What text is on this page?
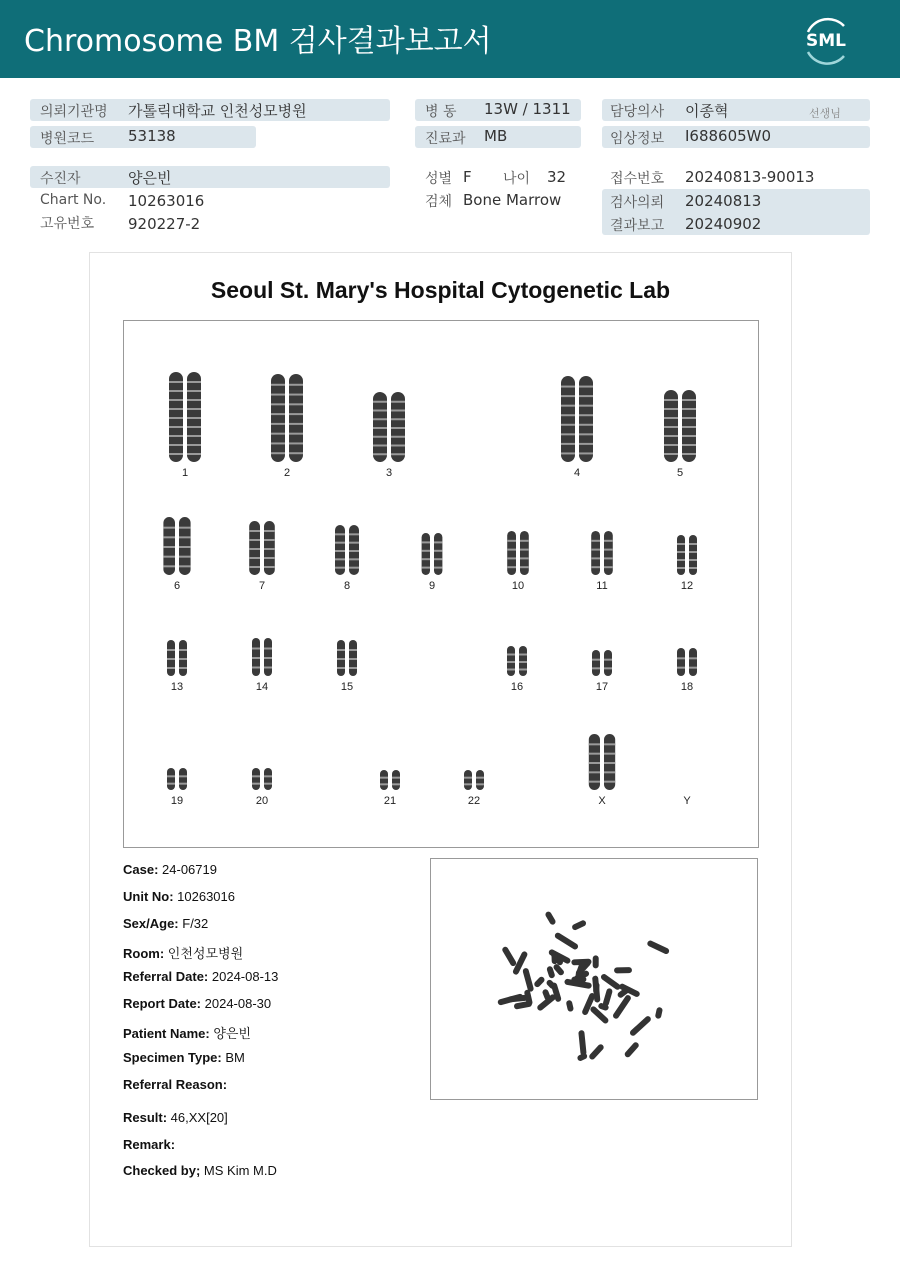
Chromosome BM 검사결과보고서	SML
의뢰기관명 가톨릭대학교 인천성모병원
병원코드 53138
병 동 13W / 1311
진료과 MB
담당의사 이종혁	선생님
임상정보 I688605W0
수진자	양은빈
Chart No. 10263016
고유번호 920227-2
성별 F 나이 32
검체 Bone Marrow
접수번호 20240813-90013
검사의뢰 20240813
결과보고 20240902
Seoul St. Mary's Hospital Cytogenetic Lab
1	2	3	4	5
6	7	8	9	10	11	12
13	14	15	16	17	18
19	20	21	22	X	Y
Case: 24-06719
Unit No: 10263016
Sex/Age: F/32
Room: 인천성모병원
Referral Date: 2024-08-13
Report Date: 2024-08-30
Patient Name: 양은빈
Specimen Type: BM
Referral Reason:
Result: 46,XX[20]
Remark:
Checked by; MS Kim M.D
